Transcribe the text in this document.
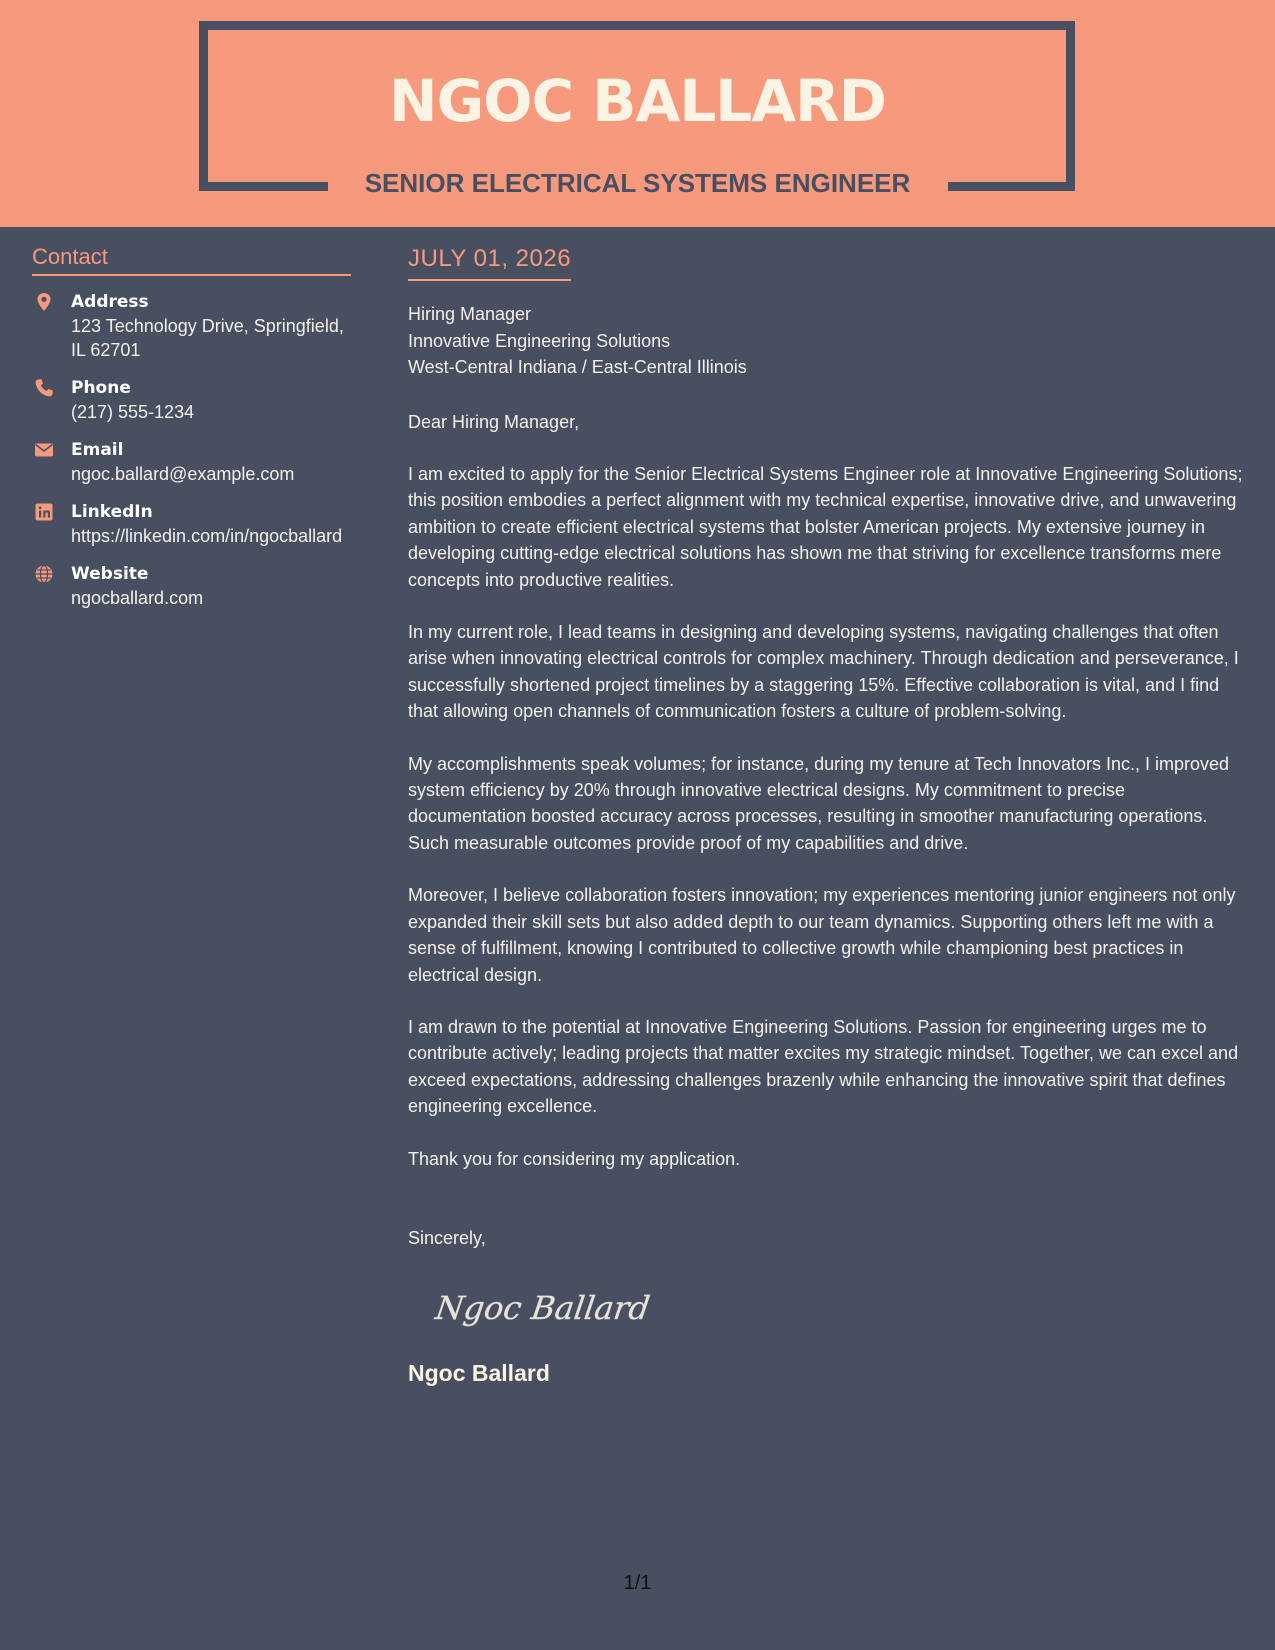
NGOC BALLARD
SENIOR ELECTRICAL SYSTEMS ENGINEER
Contact
Address
123 Technology Drive, Springfield, IL 62701
Phone
(217) 555-1234
Email
ngoc.ballard@example.com
LinkedIn
https://linkedin.com/in/ngocballard
Website
ngocballard.com
JULY 01, 2026
Hiring Manager
Innovative Engineering Solutions
West-Central Indiana / East-Central Illinois
Dear Hiring Manager,
I am excited to apply for the Senior Electrical Systems Engineer role at Innovative Engineering Solutions; this position embodies a perfect alignment with my technical expertise, innovative drive, and unwavering ambition to create efficient electrical systems that bolster American projects. My extensive journey in developing cutting-edge electrical solutions has shown me that striving for excellence transforms mere concepts into productive realities.
In my current role, I lead teams in designing and developing systems, navigating challenges that often arise when innovating electrical controls for complex machinery. Through dedication and perseverance, I successfully shortened project timelines by a staggering 15%. Effective collaboration is vital, and I find that allowing open channels of communication fosters a culture of problem-solving.
My accomplishments speak volumes; for instance, during my tenure at Tech Innovators Inc., I improved system efficiency by 20% through innovative electrical designs. My commitment to precise documentation boosted accuracy across processes, resulting in smoother manufacturing operations. Such measurable outcomes provide proof of my capabilities and drive.
Moreover, I believe collaboration fosters innovation; my experiences mentoring junior engineers not only expanded their skill sets but also added depth to our team dynamics. Supporting others left me with a sense of fulfillment, knowing I contributed to collective growth while championing best practices in electrical design.
I am drawn to the potential at Innovative Engineering Solutions. Passion for engineering urges me to contribute actively; leading projects that matter excites my strategic mindset. Together, we can excel and exceed expectations, addressing challenges brazenly while enhancing the innovative spirit that defines engineering excellence.
Thank you for considering my application.
Sincerely,
Ngoc Ballard
Ngoc Ballard
1/1
